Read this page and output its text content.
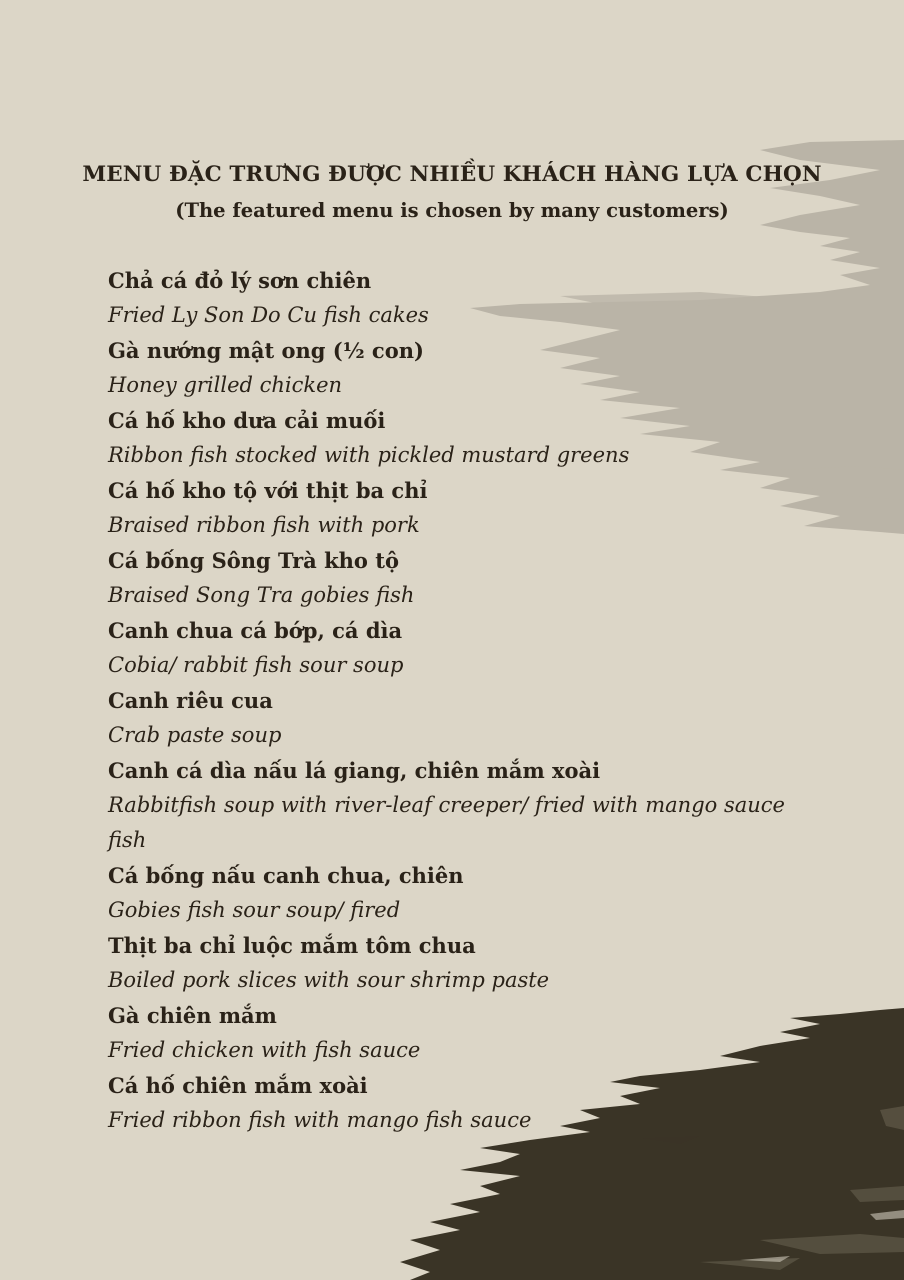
MENU ĐẶC TRƯNG ĐƯỢC NHIỀU KHÁCH HÀNG LỰA CHỌN
(The featured menu is chosen by many customers)
Chả cá đỏ lý sơn chiên
Fried Ly Son Do Cu fish cakes
Gà nướng mật ong (½ con)
Honey grilled chicken
Cá hố kho dưa cải muối
Ribbon fish stocked with pickled mustard greens
Cá hố kho tộ với thịt ba chỉ
Braised ribbon fish with pork
Cá bống Sông Trà kho tộ
Braised Song Tra gobies fish
Canh chua cá bớp, cá dìa
Cobia/ rabbit fish sour soup
Canh riêu cua
Crab paste soup
Canh cá dìa nấu lá giang, chiên mắm xoài
Rabbitfish soup with river-leaf creeper/ fried with mango sauce fish
Cá bống nấu canh chua, chiên
Gobies fish sour soup/ fired
Thịt ba chỉ luộc mắm tôm chua
Boiled pork slices with sour shrimp paste
Gà chiên mắm
Fried chicken with fish sauce
Cá hố chiên mắm xoài
Fried ribbon fish with mango fish sauce
